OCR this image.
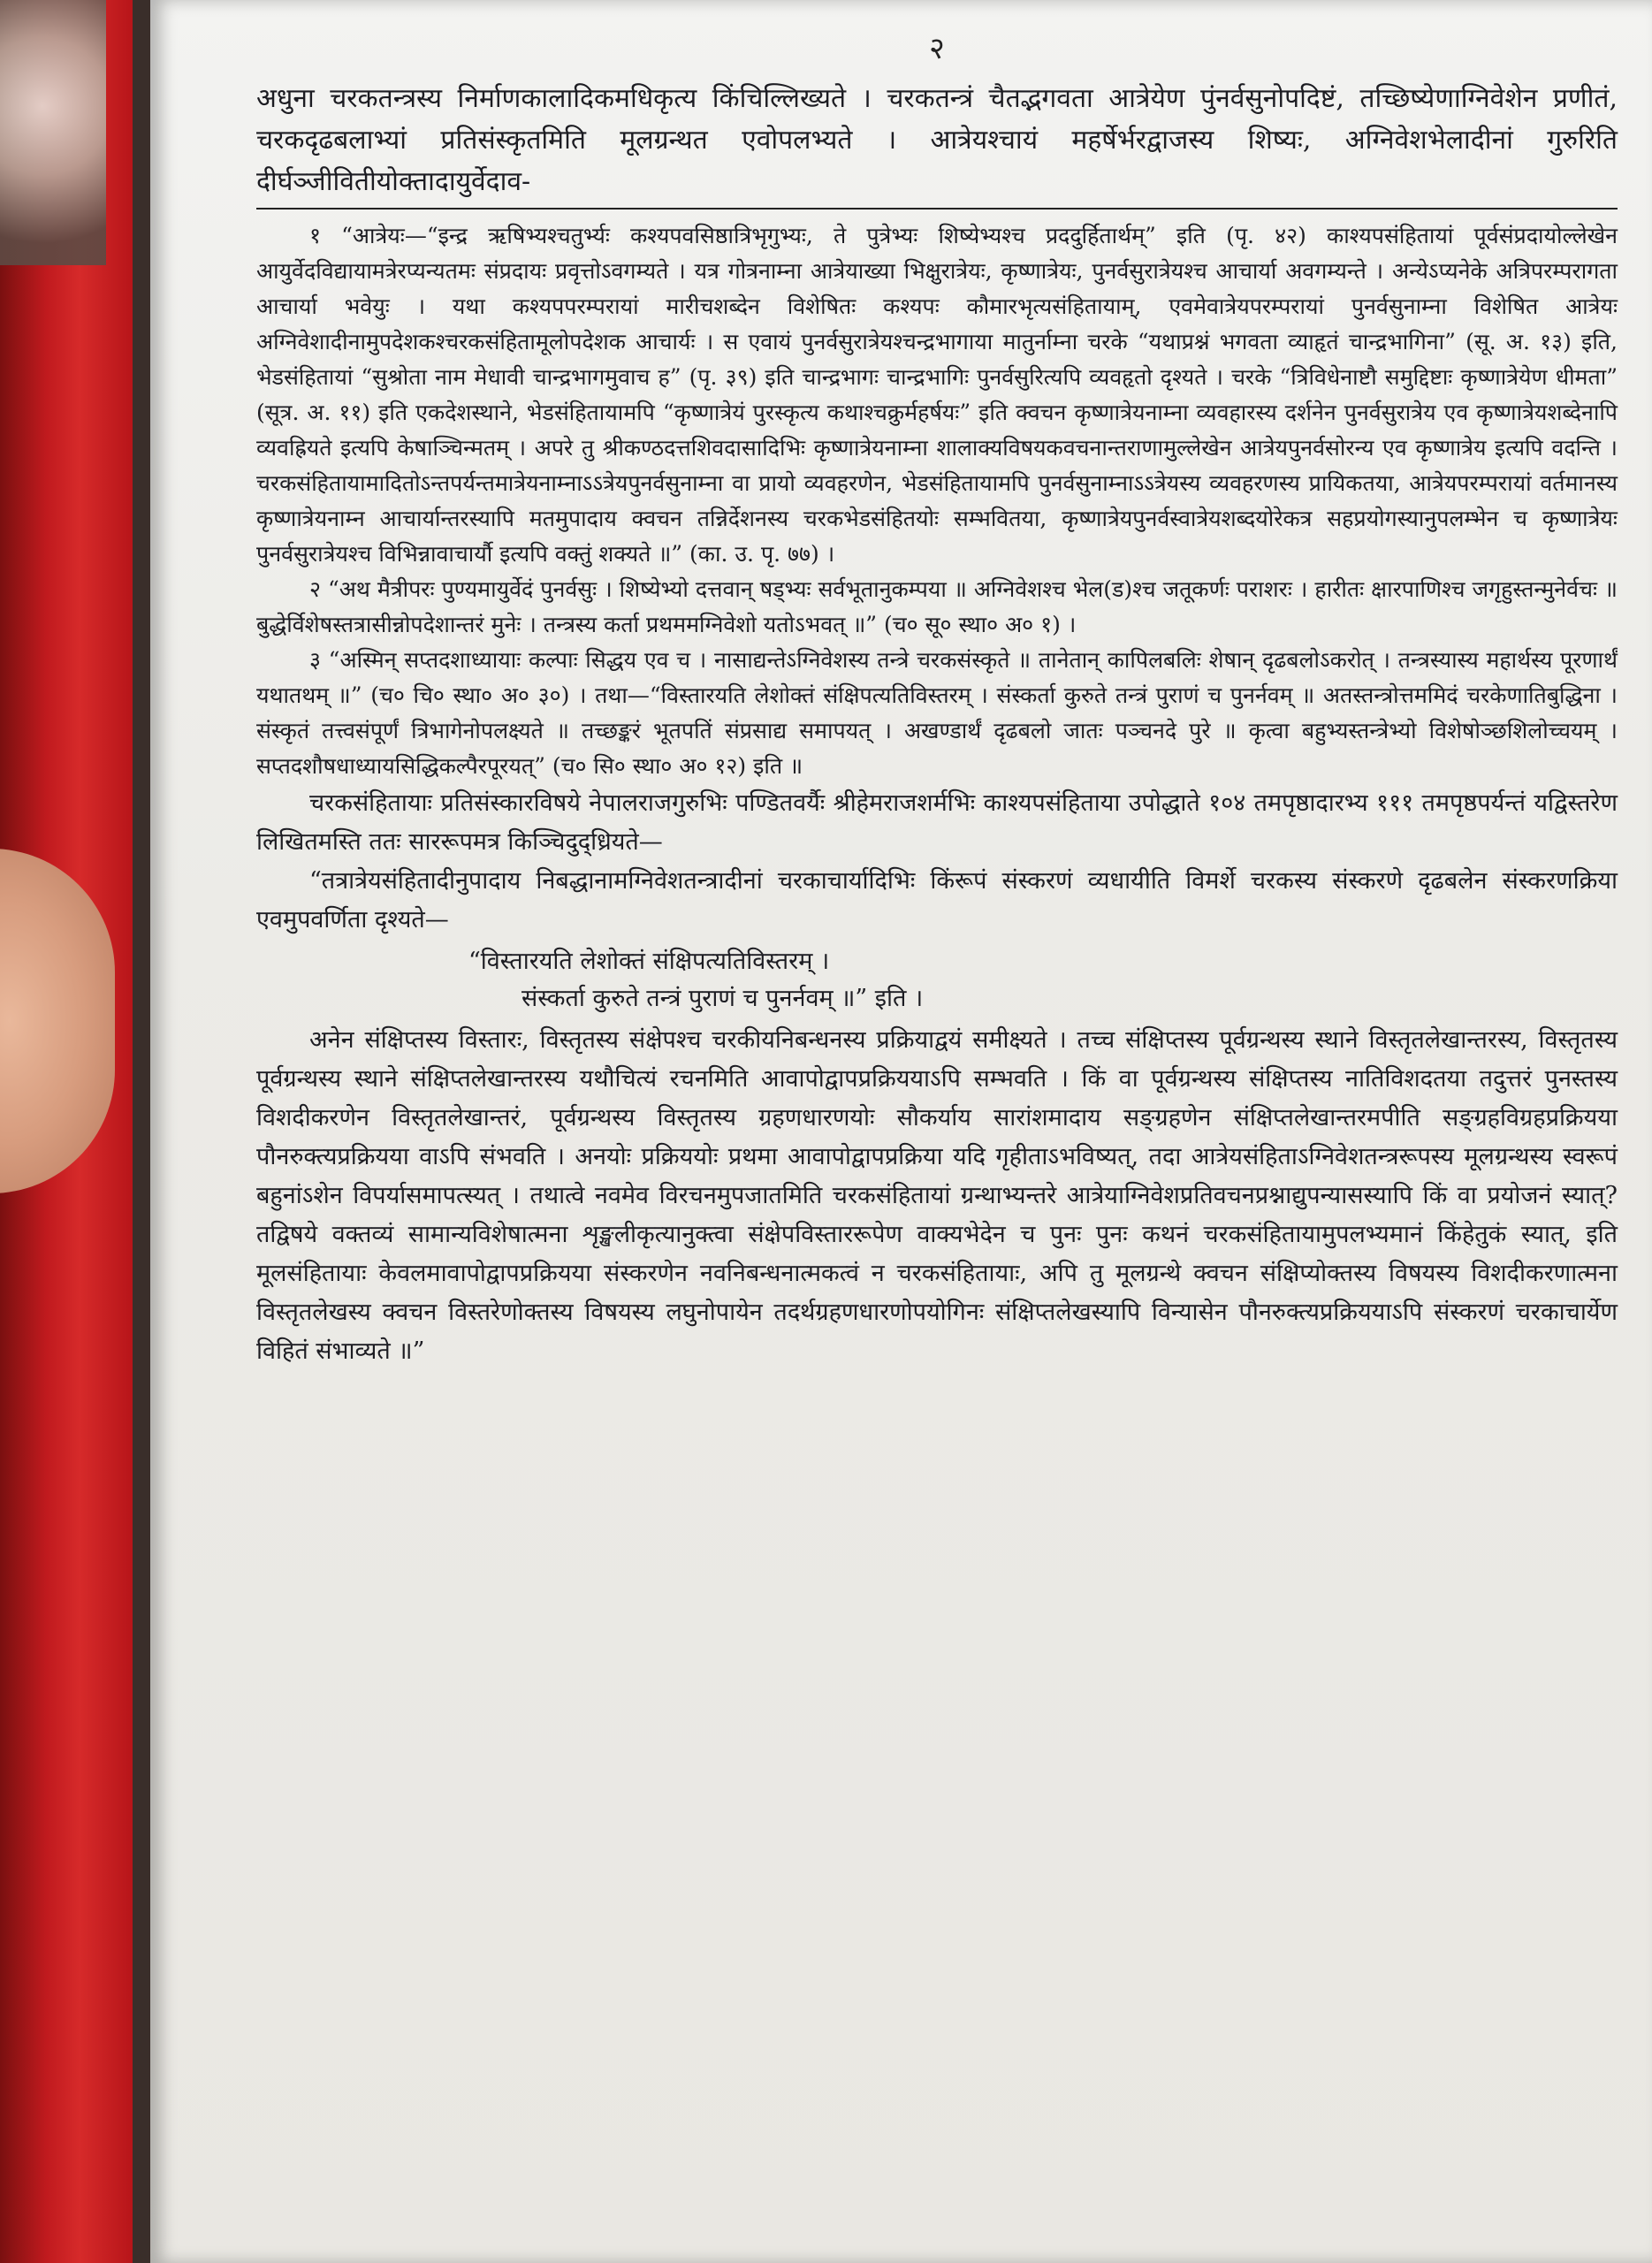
२

अधुना चरकतन्त्रस्य निर्माणकालादिकमधिकृत्य किंचिल्लिख्यते । चरकतन्त्रं चैतद्भगवता आत्रेयेण पुंनर्वसुनोपदिष्टं, तच्छिष्येणाग्निवेशेन प्रणीतं, चरकदृढबलाभ्यां प्रतिसंस्कृतमिति मूलग्रन्थत एवोपलभ्यते । आत्रेयश्चायं महर्षेर्भरद्वाजस्य शिष्यः, अग्निवेशभेलादीनां गुरुरिति दीर्घञ्जीवितीयोक्तादायुर्वेदाव-

१ “आत्रेयः—“इन्द्र ऋषिभ्यश्चतुर्भ्यः कश्यपवसिष्ठात्रिभृगुभ्यः, ते पुत्रेभ्यः शिष्येभ्यश्च प्रददुर्हितार्थम्” इति (पृ. ४२) काश्यपसंहितायां पूर्वसंप्रदायोल्लेखेन आयुर्वेदविद्यायामत्रेरप्यन्यतमः संप्रदायः प्रवृत्तोऽवगम्यते । यत्र गोत्रनाम्ना आत्रेयाख्या भिक्षुरात्रेयः, कृष्णात्रेयः, पुनर्वसुरात्रेयश्च आचार्या अवगम्यन्ते । अन्येऽप्यनेके अत्रिपरम्परागता आचार्या भवेयुः । यथा कश्यपपरम्परायां मारीचशब्देन विशेषितः कश्यपः कौमारभृत्यसंहितायाम्, एवमेवात्रेयपरम्परायां पुनर्वसुनाम्ना विशेषित आत्रेयः अग्निवेशादीनामुपदेशकश्चरकसंहितामूलोपदेशक आचार्यः । स एवायं पुनर्वसुरात्रेयश्चन्द्रभागाया मातुर्नाम्ना चरके “यथाप्रश्नं भगवता व्याहृतं चान्द्रभागिना” (सू. अ. १३) इति, भेडसंहितायां “सुश्रोता नाम मेधावी चान्द्रभागमुवाच ह” (पृ. ३९) इति चान्द्रभागः चान्द्रभागिः पुनर्वसुरित्यपि व्यवहृतो दृश्यते । चरके “त्रिविधेनाष्टौ समुद्दिष्टाः कृष्णात्रेयेण धीमता” (सूत्र. अ. ११) इति एकदेशस्थाने, भेडसंहितायामपि “कृष्णात्रेयं पुरस्कृत्य कथाश्चक्रुर्महर्षयः” इति क्वचन कृष्णात्रेयनाम्ना व्यवहारस्य दर्शनेन पुनर्वसुरात्रेय एव कृष्णात्रेयशब्देनापि व्यवह्रियते इत्यपि केषाञ्चिन्मतम् । अपरे तु श्रीकण्ठदत्तशिवदासादिभिः कृष्णात्रेयनाम्ना शालाक्यविषयकवचनान्तराणामुल्लेखेन आत्रेयपुनर्वसोरन्य एव कृष्णात्रेय इत्यपि वदन्ति । चरकसंहितायामादितोऽन्तपर्यन्तमात्रेयनाम्नाऽऽत्रेयपुनर्वसुनाम्ना वा प्रायो व्यवहरणेन, भेडसंहितायामपि पुनर्वसुनाम्नाऽऽत्रेयस्य व्यवहरणस्य प्रायिकतया, आत्रेयपरम्परायां वर्तमानस्य कृष्णात्रेयनाम्न आचार्यान्तरस्यापि मतमुपादाय क्वचन तन्निर्देशनस्य चरकभेडसंहितयोः सम्भवितया, कृष्णात्रेयपुनर्वस्वात्रेयशब्दयोरेकत्र सहप्रयोगस्यानुपलम्भेन च कृष्णात्रेयः पुनर्वसुरात्रेयश्च विभिन्नावाचार्यौ इत्यपि वक्तुं शक्यते ॥” (का. उ. पृ. ७७) ।

२ “अथ मैत्रीपरः पुण्यमायुर्वेदं पुनर्वसुः । शिष्येभ्यो दत्तवान् षड्भ्यः सर्वभूतानुकम्पया ॥ अग्निवेशश्च भेल(ड)श्च जतूकर्णः पराशरः । हारीतः क्षारपाणिश्च जगृहुस्तन्मुनेर्वचः ॥ बुद्धेर्विशेषस्तत्रासीन्नोपदेशान्तरं मुनेः । तन्त्रस्य कर्ता प्रथममग्निवेशो यतोऽभवत् ॥” (च० सू० स्था० अ० १) ।

३ “अस्मिन् सप्तदशाध्यायाः कल्पाः सिद्धय एव च । नासाद्यन्तेऽग्निवेशस्य तन्त्रे चरकसंस्कृते ॥ तानेतान् कापिलबलिः शेषान् दृढबलोऽकरोत् । तन्त्रस्यास्य महार्थस्य पूरणार्थं यथातथम् ॥” (च० चि० स्था० अ० ३०) । तथा—“विस्तारयति लेशोक्तं संक्षिपत्यतिविस्तरम् । संस्कर्ता कुरुते तन्त्रं पुराणं च पुनर्नवम् ॥ अतस्तन्त्रोत्तममिदं चरकेणातिबुद्धिना । संस्कृतं तत्त्वसंपूर्णं त्रिभागेनोपलक्ष्यते ॥ तच्छङ्करं भूतपतिं संप्रसाद्य समापयत् । अखण्डार्थं दृढबलो जातः पञ्चनदे पुरे ॥ कृत्वा बहुभ्यस्तन्त्रेभ्यो विशेषोञ्छशिलोच्चयम् । सप्तदशौषधाध्यायसिद्धिकल्पैरपूरयत्” (च० सि० स्था० अ० १२) इति ॥

चरकसंहितायाः प्रतिसंस्कारविषये नेपालराजगुरुभिः पण्डितवर्यैः श्रीहेमराजशर्मभिः काश्यपसंहिताया उपोद्धाते १०४ तमपृष्ठादारभ्य १११ तमपृष्ठपर्यन्तं यद्विस्तरेण लिखितमस्ति ततः साररूपमत्र किञ्चिदुद्ध्रियते—

“तत्रात्रेयसंहितादीनुपादाय निबद्धानामग्निवेशतन्त्रादीनां चरकाचार्यादिभिः किंरूपं संस्करणं व्यधायीति विमर्शे चरकस्य संस्करणे दृढबलेन संस्करणक्रिया एवमुपवर्णिता दृश्यते—

“विस्तारयति लेशोक्तं संक्षिपत्यतिविस्तरम् ।
संस्कर्ता कुरुते तन्त्रं पुराणं च पुनर्नवम् ॥” इति ।

अनेन संक्षिप्तस्य विस्तारः, विस्तृतस्य संक्षेपश्च चरकीयनिबन्धनस्य प्रक्रियाद्वयं समीक्ष्यते । तच्च संक्षिप्तस्य पूर्वग्रन्थस्य स्थाने विस्तृतलेखान्तरस्य, विस्तृतस्य पूर्वग्रन्थस्य स्थाने संक्षिप्तलेखान्तरस्य यथौचित्यं रचनमिति आवापोद्वापप्रक्रिययाऽपि सम्भवति । किं वा पूर्वग्रन्थस्य संक्षिप्तस्य नातिविशदतया तदुत्तरं पुनस्तस्य विशदीकरणेन विस्तृतलेखान्तरं, पूर्वग्रन्थस्य विस्तृतस्य ग्रहणधारणयोः सौकर्याय सारांशमादाय सङ्ग्रहणेन संक्षिप्तलेखान्तरमपीति सङ्ग्रहविग्रहप्रक्रियया पौनरुक्त्यप्रक्रियया वाऽपि संभवति । अनयोः प्रक्रिययोः प्रथमा आवापोद्वापप्रक्रिया यदि गृहीताऽभविष्यत्, तदा आत्रेयसंहिताऽग्निवेशतन्त्ररूपस्य मूलग्रन्थस्य स्वरूपं बहुनांऽशेन विपर्यासमापत्स्यत् । तथात्वे नवमेव विरचनमुपजातमिति चरकसंहितायां ग्रन्थाभ्यन्तरे आत्रेयाग्निवेशप्रतिवचनप्रश्नाद्युपन्यासस्यापि किं वा प्रयोजनं स्यात्? तद्विषये वक्तव्यं सामान्यविशेषात्मना शृङ्खलीकृत्यानुक्त्वा संक्षेपविस्ताररूपेण वाक्यभेदेन च पुनः पुनः कथनं चरकसंहितायामुपलभ्यमानं किंहेतुकं स्यात्, इति मूलसंहितायाः केवलमावापोद्वापप्रक्रियया संस्करणेन नवनिबन्धनात्मकत्वं न चरकसंहितायाः, अपि तु मूलग्रन्थे क्वचन संक्षिप्योक्तस्य विषयस्य विशदीकरणात्मना विस्तृतलेखस्य क्वचन विस्तरेणोक्तस्य विषयस्य लघुनोपायेन तदर्थग्रहणधारणोपयोगिनः संक्षिप्तलेखस्यापि विन्यासेन पौनरुक्त्यप्रक्रिययाऽपि संस्करणं चरकाचार्येण विहितं संभाव्यते ॥”
